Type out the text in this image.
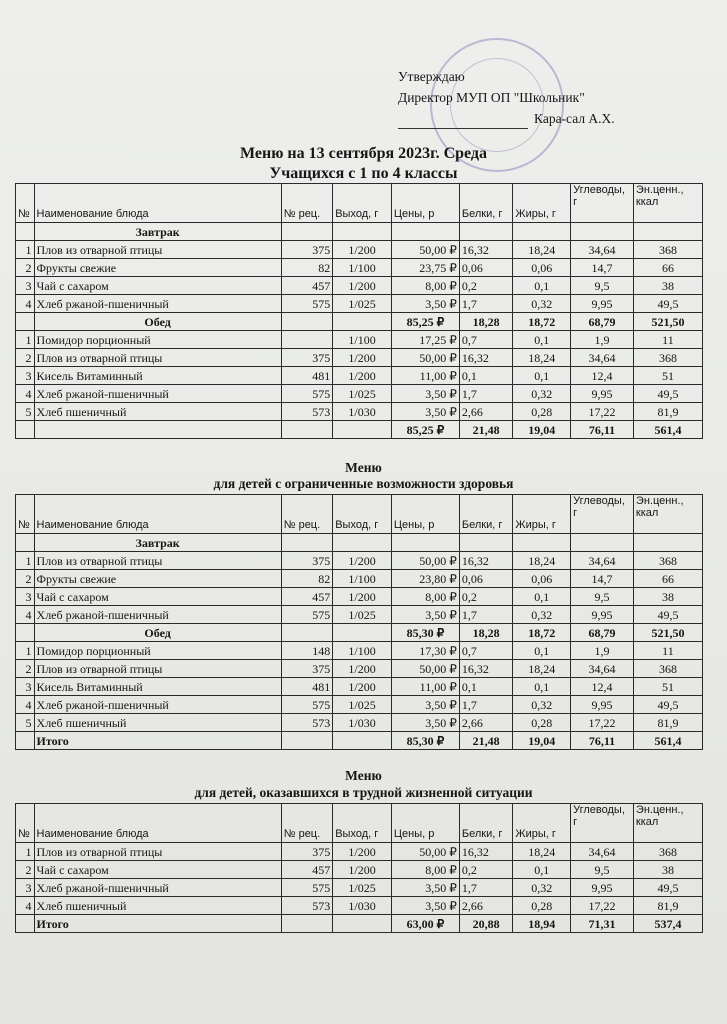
Утверждаю
Директор МУП ОП "Школьник"
Кара-сал А.Х.
Меню на 13 сентября 2023г. Среда
Учащихся с 1 по 4 классы
№	Наименование блюда	№ рец.	Выход, г	Цены, р	Белки, г	Жиры, г	Углеводы, г	Эн.ценн., ккал
	Завтрак							
1	Плов из отварной птицы	375	1/200	50,00 ₽	16,32	18,24	34,64	368
2	Фрукты свежие	82	1/100	23,75 ₽	0,06	0,06	14,7	66
3	Чай с сахаром	457	1/200	8,00 ₽	0,2	0,1	9,5	38
4	Хлеб ржаной-пшеничный	575	1/025	3,50 ₽	1,7	0,32	9,95	49,5
	Обед			85,25 ₽	18,28	18,72	68,79	521,50
1	Помидор порционный		1/100	17,25 ₽	0,7	0,1	1,9	11
2	Плов из отварной птицы	375	1/200	50,00 ₽	16,32	18,24	34,64	368
3	Кисель Витаминный	481	1/200	11,00 ₽	0,1	0,1	12,4	51
4	Хлеб ржаной-пшеничный	575	1/025	3,50 ₽	1,7	0,32	9,95	49,5
5	Хлеб пшеничный	573	1/030	3,50 ₽	2,66	0,28	17,22	81,9
				85,25 ₽	21,48	19,04	76,11	561,4
Меню
для детей с ограниченные возможности здоровья
№	Наименование блюда	№ рец.	Выход, г	Цены, р	Белки, г	Жиры, г	Углеводы, г	Эн.ценн., ккал
	Завтрак							
1	Плов из отварной птицы	375	1/200	50,00 ₽	16,32	18,24	34,64	368
2	Фрукты свежие	82	1/100	23,80 ₽	0,06	0,06	14,7	66
3	Чай с сахаром	457	1/200	8,00 ₽	0,2	0,1	9,5	38
4	Хлеб ржаной-пшеничный	575	1/025	3,50 ₽	1,7	0,32	9,95	49,5
	Обед			85,30 ₽	18,28	18,72	68,79	521,50
1	Помидор порционный	148	1/100	17,30 ₽	0,7	0,1	1,9	11
2	Плов из отварной птицы	375	1/200	50,00 ₽	16,32	18,24	34,64	368
3	Кисель Витаминный	481	1/200	11,00 ₽	0,1	0,1	12,4	51
4	Хлеб ржаной-пшеничный	575	1/025	3,50 ₽	1,7	0,32	9,95	49,5
5	Хлеб пшеничный	573	1/030	3,50 ₽	2,66	0,28	17,22	81,9
	Итого			85,30 ₽	21,48	19,04	76,11	561,4
Меню
для детей, оказавшихся в трудной жизненной ситуации
№	Наименование блюда	№ рец.	Выход, г	Цены, р	Белки, г	Жиры, г	Углеводы, г	Эн.ценн., ккал
1	Плов из отварной птицы	375	1/200	50,00 ₽	16,32	18,24	34,64	368
2	Чай с сахаром	457	1/200	8,00 ₽	0,2	0,1	9,5	38
3	Хлеб ржаной-пшеничный	575	1/025	3,50 ₽	1,7	0,32	9,95	49,5
4	Хлеб пшеничный	573	1/030	3,50 ₽	2,66	0,28	17,22	81,9
	Итого			63,00 ₽	20,88	18,94	71,31	537,4
